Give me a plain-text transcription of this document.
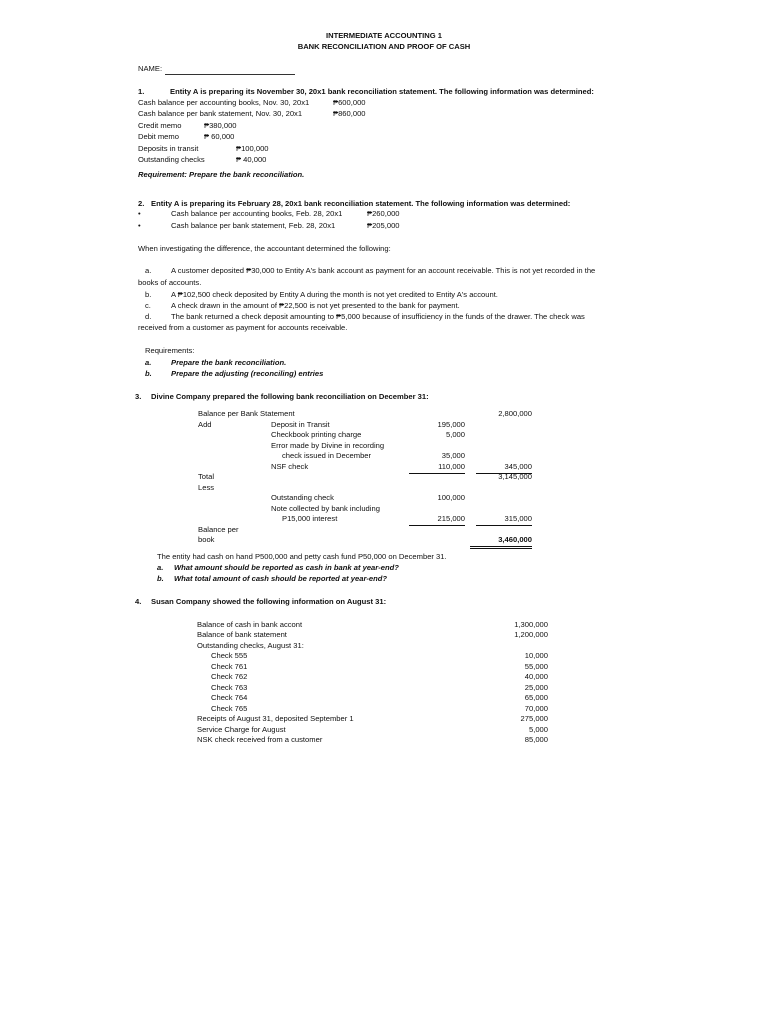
INTERMEDIATE ACCOUNTING 1
BANK RECONCILIATION AND PROOF OF CASH
NAME:
1.	Entity A is preparing its November 30, 20x1 bank reconciliation statement. The following information was determined:
Cash balance per accounting books, Nov. 30, 20x1	₱600,000
Cash balance per bank statement, Nov. 30, 20x1	₱860,000
Credit memo	₱380,000
Debit memo	₱ 60,000
Deposits in transit	₱100,000
Outstanding checks	₱ 40,000
Requirement: Prepare the bank reconciliation.
2. Entity A is preparing its February 28, 20x1 bank reconciliation statement. The following information was determined:
•	Cash balance per accounting books, Feb. 28, 20x1	₱260,000
•	Cash balance per bank statement, Feb. 28, 20x1	₱205,000
When investigating the difference, the accountant determined the following:
a.	A customer deposited ₱30,000 to Entity A's bank account as payment for an account receivable. This is not yet recorded in the
books of accounts.
b.	A ₱102,500 check deposited by Entity A during the month is not yet credited to Entity A's account.
c.	A check drawn in the amount of ₱22,500 is not yet presented to the bank for payment.
d.	The bank returned a check deposit amounting to ₱5,000 because of insufficiency in the funds of the drawer. The check was
received from a customer as payment for accounts receivable.
Requirements:
a.	Prepare the bank reconciliation.
b.	Prepare the adjusting (reconciling) entries
3. Divine Company prepared the following bank reconciliation on December 31:
Balance per Bank Statement	2,800,000
Add	Deposit in Transit	195,000
Checkbook printing charge	5,000
Error made by Divine in recording
check issued in December	35,000
NSF check	110,000	345,000
Total	3,145,000
Less
Outstanding check	100,000
Note collected by bank including
P15,000 interest	215,000	315,000
Balance per
book	3,460,000
The entity had cash on hand P500,000 and petty cash fund P50,000 on December 31.
a. What amount should be reported as cash in bank at year-end?
b. What total amount of cash should be reported at year-end?
4. Susan Company showed the following information on August 31:
Balance of cash in bank accont	1,300,000
Balance of bank statement	1,200,000
Outstanding checks, August 31:
Check 555	10,000
Check 761	55,000
Check 762	40,000
Check 763	25,000
Check 764	65,000
Check 765	70,000
Receipts of August 31, deposited September 1	275,000
Service Charge for August	5,000
NSK check received from a customer	85,000
